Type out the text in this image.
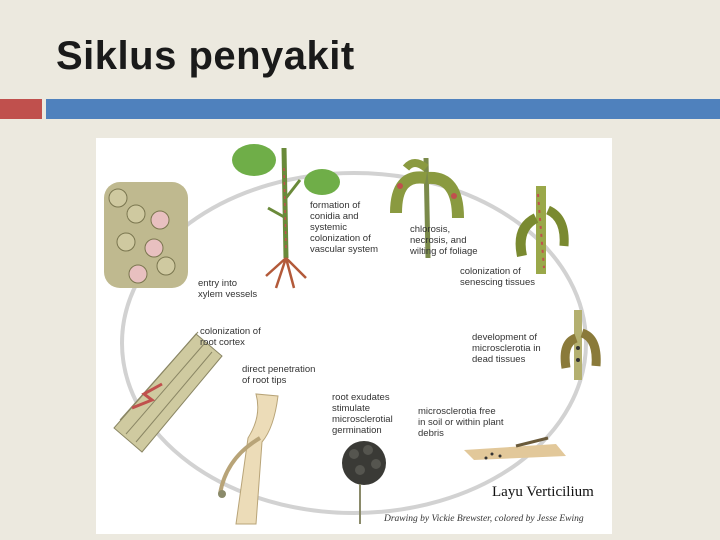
Siklus penyakit
formation of
conidia and
systemic
colonization of
vascular system
chlorosis,
necrosis, and
wilting of foliage
colonization of
senescing tissues
development of
microsclerotia in
dead tissues
microsclerotia free
in soil or within plant
debris
root exudates
stimulate
microsclerotial
germination
direct penetration
of root tips
colonization of
root cortex
entry into
xylem vessels
Layu Verticilium
Drawing by Vickie Brewster, colored by Jesse Ewing
